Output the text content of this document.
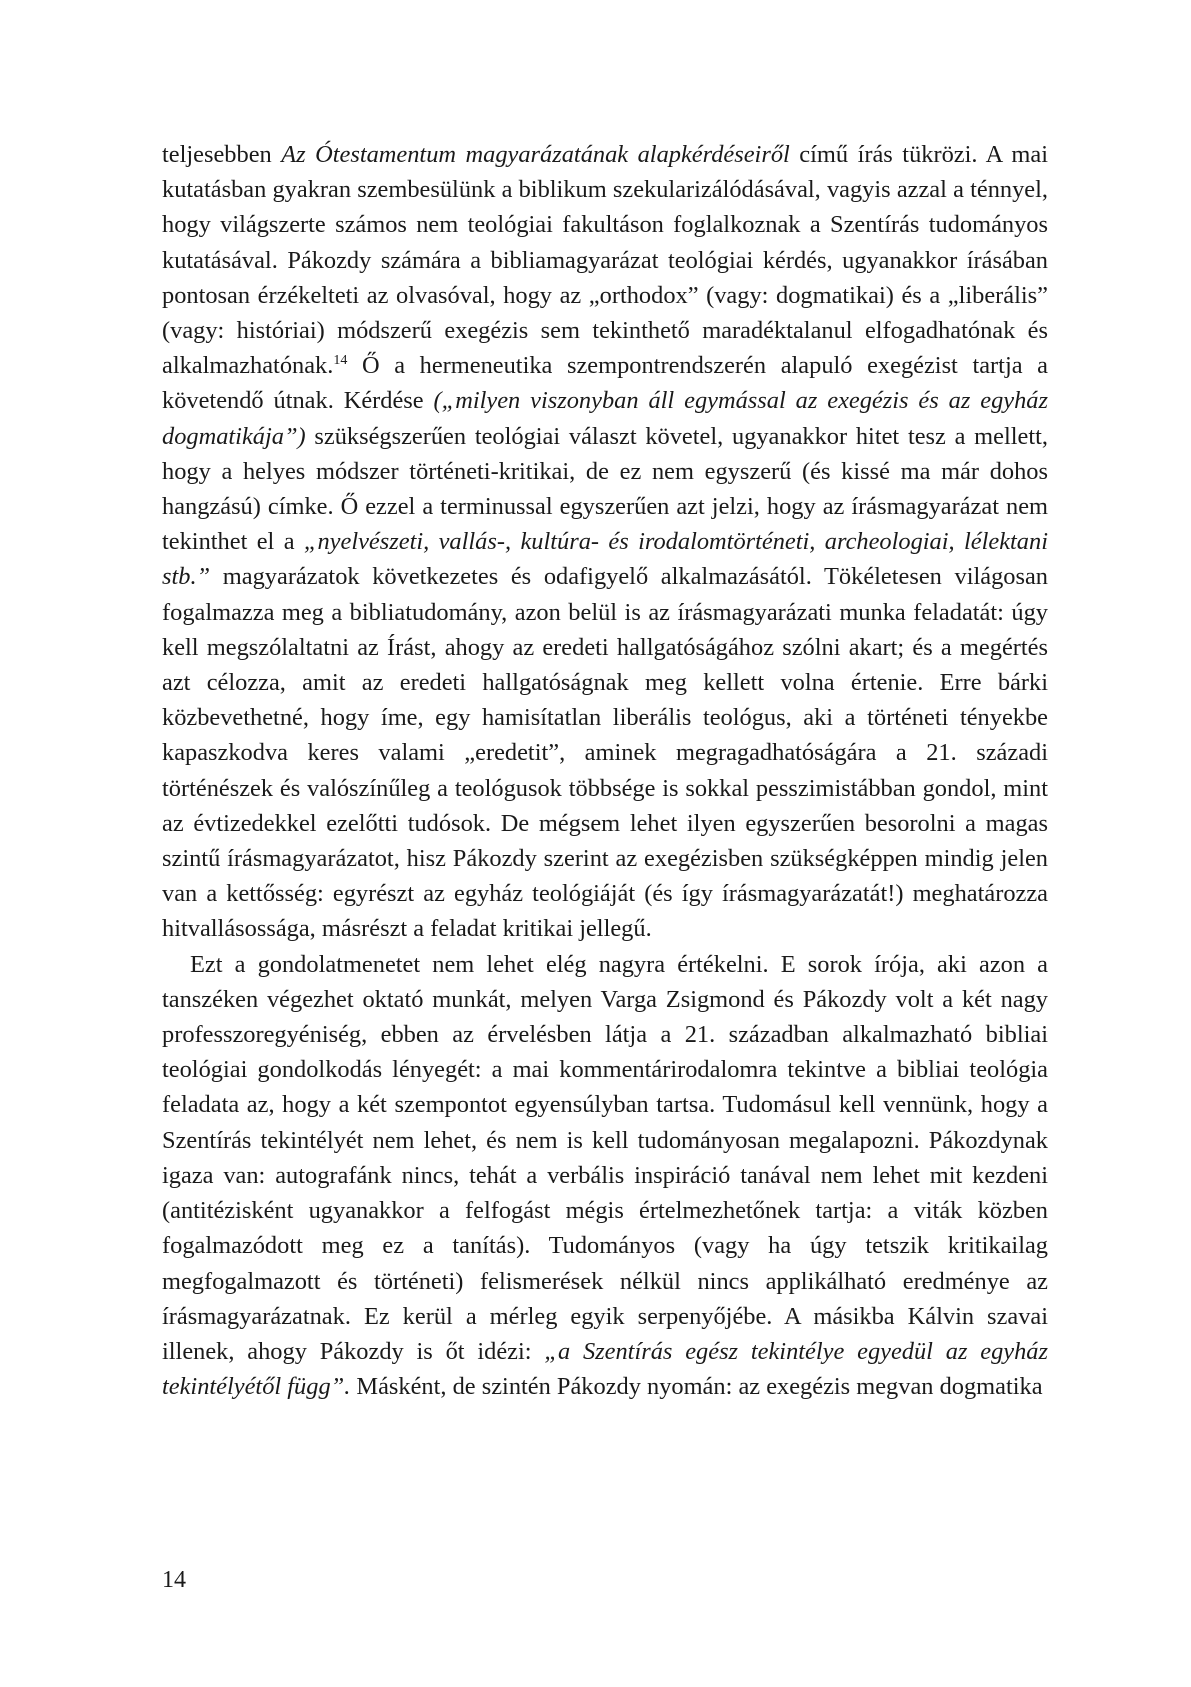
teljesebben Az Ótestamentum magyarázatának alapkérdéseiről című írás tükrözi. A mai kutatásban gyakran szembesülünk a biblikum szekularizálódásával, vagyis azzal a ténnyel, hogy világszerte számos nem teológiai fakultáson foglalkoznak a Szentírás tudományos kutatásával. Pákozdy számára a bibliamagyarázat teológiai kérdés, ugyanakkor írásában pontosan érzékelteti az olvasóval, hogy az „orthodox” (vagy: dogmatikai) és a „liberális” (vagy: históriai) módszerű exegézis sem tekinthető maradéktalanul elfogadhatónak és alkalmazhatónak.$^{14}$ Ő a hermeneutika szempontrendszerén alapuló exegézist tartja a követendő útnak. Kérdése („milyen viszonyban áll egymással az exegézis és az egyház dogmatikája”) szükségszerűen teológiai választ követel, ugyanakkor hitet tesz a mellett, hogy a helyes módszer történeti-kritikai, de ez nem egyszerű (és kissé ma már dohos hangzású) címke. Ő ezzel a terminussal egyszerűen azt jelzi, hogy az írásmagyarázat nem tekinthet el a „nyelvészeti, vallás-, kultúra- és irodalomtörténeti, archeologiai, lélektani stb.” magyarázatok következetes és odafigyelő alkalmazásától. Tökéletesen világosan fogalmazza meg a bibliatudomány, azon belül is az írásmagyarázati munka feladatát: úgy kell megszólaltatni az Írást, ahogy az eredeti hallgatóságához szólni akart; és a megértés azt célozza, amit az eredeti hallgatóságnak meg kellett volna értenie. Erre bárki közbevethetné, hogy íme, egy hamisítatlan liberális teológus, aki a történeti tényekbe kapaszkodva keres valami „eredetit”, aminek megragadhatóságára a 21. századi történészek és valószínűleg a teológusok többsége is sokkal pesszimistábban gondol, mint az évtizedekkel ezelőtti tudósok. De mégsem lehet ilyen egyszerűen besorolni a magas szintű írásmagyarázatot, hisz Pákozdy szerint az exegézisben szükségképpen mindig jelen van a kettősség: egyrészt az egyház teológiáját (és így írásmagyarázatát!) meghatározza hitvallásossága, másrészt a feladat kritikai jellegű.

Ezt a gondolatmenetet nem lehet elég nagyra értékelni. E sorok írója, aki azon a tanszéken végezhet oktató munkát, melyen Varga Zsigmond és Pákozdy volt a két nagy professzoregyéniség, ebben az érvelésben látja a 21. században alkalmazható bibliai teológiai gondolkodás lényegét: a mai kommentárirodalomra tekintve a bibliai teológia feladata az, hogy a két szempontot egyensúlyban tartsa. Tudomásul kell vennünk, hogy a Szentírás tekintélyét nem lehet, és nem is kell tudományosan megalapozni. Pákozdynak igaza van: autografánk nincs, tehát a verbális inspiráció tanával nem lehet mit kezdeni (antitézisként ugyanakkor a felfogást mégis értelmezhetőnek tartja: a viták közben fogalmazódott meg ez a tanítás). Tudományos (vagy ha úgy tetszik kritikailag megfogalmazott és történeti) felismerések nélkül nincs applikálható eredménye az írásmagyarázatnak. Ez kerül a mérleg egyik serpenyőjébe. A másikba Kálvin szavai illenek, ahogy Pákozdy is őt idézi: „a Szentírás egész tekintélye egyedül az egyház tekintélyétől függ”. Másként, de szintén Pákozdy nyomán: az exegézis megvan dogmatika

14
